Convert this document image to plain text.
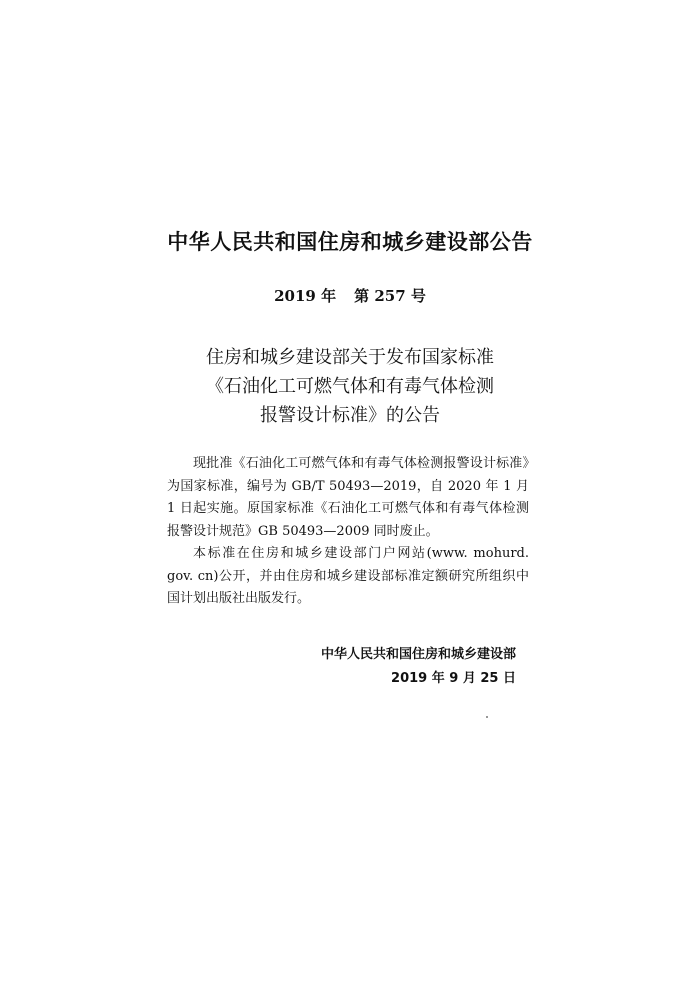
中华人民共和国住房和城乡建设部公告
2019 年 第 257 号
住房和城乡建设部关于发布国家标准
《石油化工可燃气体和有毒气体检测
报警设计标准》的公告

现批准《石油化工可燃气体和有毒气体检测报警设计标准》为国家标准，编号为 GB/T 50493—2019，自 2020 年 1 月 1 日起实施。原国家标准《石油化工可燃气体和有毒气体检测报警设计规范》GB 50493—2009 同时废止。

本标准在住房和城乡建设部门户网站(www. mohurd. gov. cn)公开，并由住房和城乡建设部标准定额研究所组织中国计划出版社出版发行。

中华人民共和国住房和城乡建设部
2019 年 9 月 25 日
